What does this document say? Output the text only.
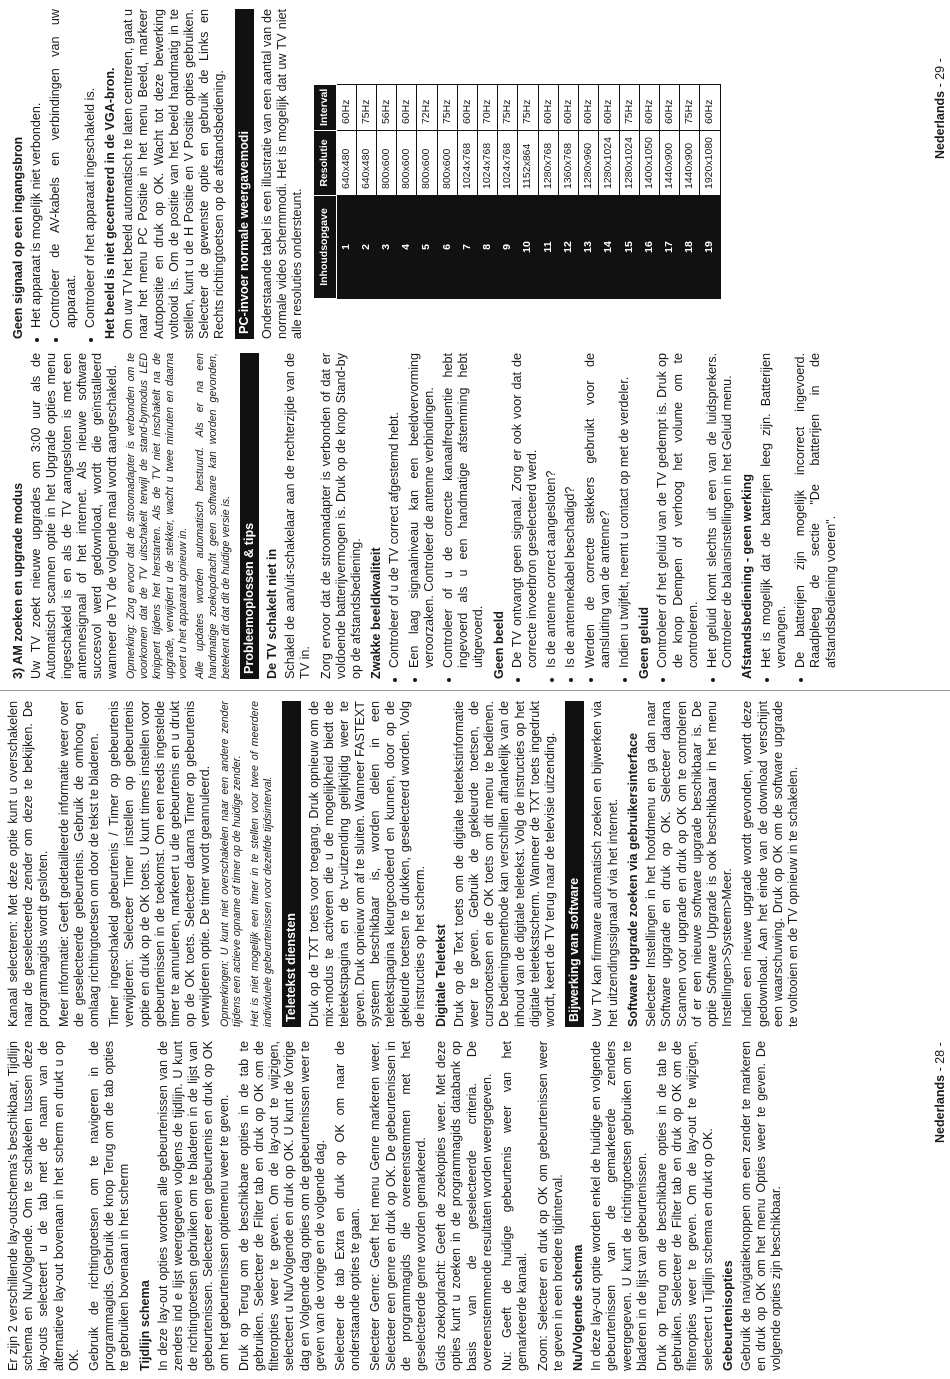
Er zijn 2 verschillende lay-outschema's beschikbaar, Tijdlijn schema en Nu/Volgende. Om te schakelen tussen deze lay-outs selecteert u de tab met de naam van de alternatieve lay-out bovenaan in het scherm en drukt u op OK. Gebruik de richtingtoetsen om te navigeren in de programmagids. Gebruik de knop Terug om de tab opties te gebruiken bovenaan in het scherm Tijdlijn schema In deze lay-out opties worden alle gebeurtenissen van de zenders ind e lijst weergegeven volgens de tijdlijn. U kunt de richtingtoetsen gebruiken om te bladeren in de lijst van gebeurtenissen. Selecteer een gebeurtenis en druk op OK om het gebeurtenissen optiemenu weer te geven. Druk op Terug om de beschikbare opties in de tab te gebruiken. Selecteer de Filter tab en druk op OK om de filteropties weer te geven. Om de lay-out te wijzigen, selecteert u Nu/Volgende en druk op OK. U kunt de Vorige dag en Volgende dag opties om de gebeurtenissen weer te geven van de vorige en de volgende dag. Selecteer de tab Extra en druk op OK om naar de onderstaande opties te gaan. Selecteer Genre: Geeft het menu Genre markeren weer. Selecteer een genre en druk op OK. De gebeurtenissen in de programmagids die overeenstemmen met het geselecteerde genre worden gemarkeerd. Gids zoekopdracht: Geeft de zoekopties weer. Met deze opties kunt u zoeken in de programmagids databank op basis van de geselecteerde criteria. De overeenstemmende resultaten worden weergegeven. Nu: Geeft de huidige gebeurtenis weer van het gemarkeerde kanaal. Zoom: Selecteer en druk op OK om gebeurtenissen weer te geven in een bredere tijdinterval. Nu/Volgende schema In deze lay-out optie worden enkel de huidige en volgende gebeurtenissen van de gemarkeerde zenders weergegeven. U kunt de richtingtoetsen gebruiken om te bladeren in de lijst van gebeurtenissen. Druk op Terug om de beschikbare opties in de tab te gebruiken. Selecteer de Filter tab en druk op OK om de filteropties weer te geven. Om de lay-out te wijzigen, selecteert u Tijdlijn schema en drukt op OK. Gebeurtenisopties Gebruik de navigatieknoppen om een zender te markeren en druk op OK om het menu Opties weer te geven. De volgende opties zijn beschikbaar.

Kanaal selecteren: Met deze optie kunt u overschakelen naar de geselecteerde zender om deze te bekijken. De programmagids wordt gesloten. Meer informatie: Geeft gedetailleerde informatie weer over de geselecteerde gebeurtenis. Gebruik de omhoog en omlaag richtingtoetsen om door de tekst te bladeren. Timer ingeschakeld gebeurtenis / Timer op gebeurtenis verwijderen: Selecteer Timer instellen op gebeurtenis optie en druk op de OK toets. U kunt timers instellen voor gebeurtenissen in de toekomst. Om een reeds ingestelde timer te annuleren, markeert u die gebeurtenis en u drukt op de OK toets. Selecteer daarna Timer op gebeurtenis verwijderen optie. De timer wordt geannuleerd. Opmerkingen: U kunt niet overschakelen naar een andere zender tijdens een actieve opname of timer op de huidige zender. Het is niet mogelijk een timer in te stellen voor twee of meerdere individuele gebeurtenissen voor dezelfde tijdsinterval. Teletekst diensten Druk op de TXT toets voor toegang. Druk opnieuw om de mix-modus te activeren die u de mogelijkheid biedt de teletekstpagina en de tv-uitzending gelijktijdig weer te geven. Druk opnieuw om af te sluiten. Wanneer FASTEXT systeem beschikbaar is, worden delen in een teletekstpagina kleurgecodeerd en kunnen, door op de gekleurde toetsen te drukken, geselecteerd worden. Volg de instructies op het scherm. Digitale Teletekst Druk op de Text toets om de digitale teletekstinformatie weer te geven. Gebruik de gekleurde toetsen, de cursortoetsen en de OK toets om dit menu te bedienen. De bedieningsmethode kan verschillen afhankelijk van de inhoud van de digitale teletekst. Volg de instructies op het digitale teletekstscherm. Wanneer de TXT toets ingedrukt wordt, keert de TV terug naar de televisie uitzending. Bijwerking van software Uw TV kan firmware automatisch zoeken en bijwerken via het uitzendingssignaal of via het internet. Software upgrade zoeken via gebruikersinterface Selecteer Instellingen in het hoofdmenu en ga dan naar Software upgrade en druk op OK. Selecteer daarna Scannen voor upgrade en druk op OK om te controleren of er een nieuwe software upgrade beschikbaar is. De optie Software Upgrade is ook beschikbaar in het menu Instellingen>Systeem>Meer. Indien een nieuwe upgrade wordt gevonden, wordt deze gedownload. Aan het einde van de download verschijnt een waarschuwing. Druk op OK om de software upgrade te voltooien en de TV opnieuw in te schakelen.

Nederlands - 28 -
3) AM zoeken en upgrade modus Uw TV zoekt nieuwe upgrades om 3:00 uur als de Automatisch scannen optie in het Upgrade opties menu ingeschakeld is en als de TV aangesloten is met een antennesignaal of het internet. Als nieuwe software succesvol werd gedownload, wordt die geïnstalleerd wanneer de TV de volgende maal wordt aangeschakeld. Opmerking: Zorg ervoor dat de stroomadapter is verbonden om te voorkomen dat de TV uitschakelt terwijl de stand-bymodus LED knippert tijdens het herstarten. Als de TV niet inschakelt na de upgrade, verwijdert u de stekker, wacht u twee minuten en daarna voert u het apparaat opnieuw in. Alle updates worden automatisch bestuurd. Als er na een handmatige zoekopdracht geen software kan worden gevonden, betekent dit dat dit de huidige versie is. Probleemoplossen & tips De TV schakelt niet in Schakel de aan/uit-schakelaar aan de rechterzijde van de TV in. Zorg ervoor dat de stroomadapter is verbonden of dat er voldoende batterijvermogen is. Druk op de knop Stand-by op de afstandsbediening. Zwakke beeldkwaliteit • Controleer of u de TV correct afgestemd hebt. • Een laag signaalniveau kan een beeldvervorming veroorzaken. Controleer de antenne verbindingen. • Controleer of u de correcte kanaalfrequentie hebt ingevoerd als u een handmatige afstemming hebt uitgevoerd. Geen beeld • De TV ontvangt geen signaal. Zorg er ook voor dat de correcte invoerbron geselecteerd werd. • Is de antenne correct aangesloten? • Is de antennekabel beschadigd? • Werden de correcte stekkers gebruikt voor de aansluiting van de antenne? • Indien u twijfelt, neemt u contact op met de verdeler. Geen geluid • Controleer of het geluid van de TV gedempt is. Druk op de knop Dempen of verhoog het volume om te controleren. • Het geluid komt slechts uit een van de luidsprekers. Controleer de balansinstellingen in het Geluid menu. Afstandsbediening - geen werking • Het is mogelijk dat de batterijen leeg zijn. Batterijen vervangen. • De batterijen zijn mogelijk incorrect ingevoerd. Raadpleeg de sectie "De batterijen in de afstandsbediening voeren".
Geen signaal op een ingangsbron • Het apparaat is mogelijk niet verbonden. • Controleer de AV-kabels en verbindingen van uw apparaat. • Controleer of het apparaat ingeschakeld is. Het beeld is niet gecentreerd in de VGA-bron. Om uw TV het beeld automatisch te laten centreren, gaat u naar het menu PC Positie in het menu Beeld, markeer Autopositie en druk op OK. Wacht tot deze bewerking voltooid is. Om de positie van het beeld handmatig in te stellen, kunt u de H Positie en V Positie opties gebruiken. Selecteer de gewenste optie en gebruik de Links en Rechts richtingtoetsen op de afstandsbediening. PC-invoer normale weergavemodi Onderstaande tabel is een illustratie van een aantal van de normale video schermmodi. Het is mogelijk dat uw TV niet alle resoluties ondersteunt. Inhoudsopgave	Resolutie	Interval
1	640x480	60Hz
2	640x480	75Hz
3	800x600	56Hz
4	800x600	60Hz
5	800x600	72Hz
6	800x600	75Hz
7	1024x768	60Hz
8	1024x768	70Hz
9	1024x768	75Hz
10	1152x864	75Hz
11	1280x768	60Hz
12	1360x768	60Hz
13	1280x960	60Hz
14	1280x1024	60Hz
15	1280x1024	75Hz
16	1400x1050	60Hz
17	1440x900	60Hz
18	1440x900	75Hz
19	1920x1080	60Hz	Nederlands - 29 -
